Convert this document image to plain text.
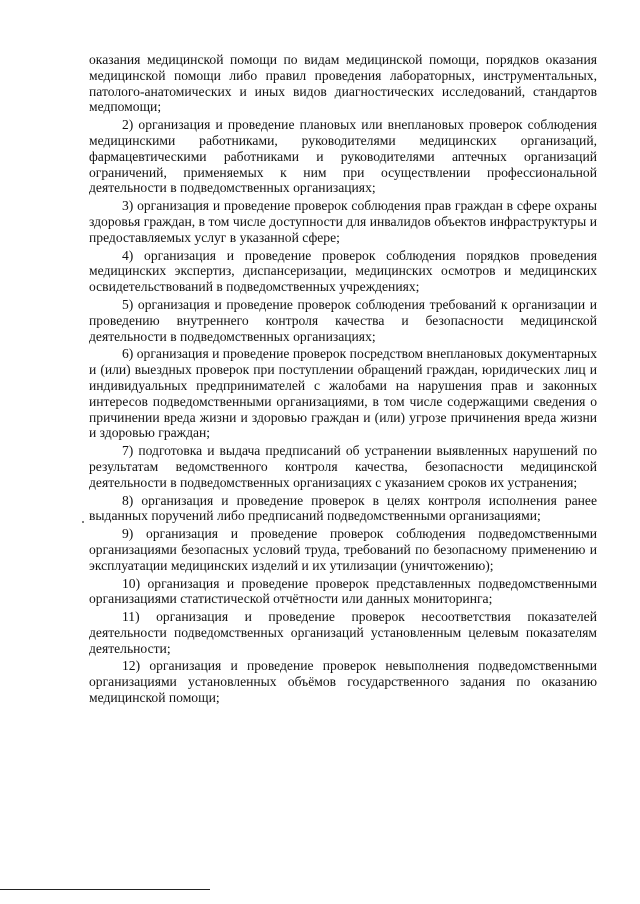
оказания медицинской помощи по видам медицинской помощи, порядков оказания медицинской помощи либо правил проведения лабораторных, инструментальных, патолого-анатомических и иных видов диагностических исследований, стандартов медпомощи;

2) организация и проведение плановых или внеплановых проверок соблюдения медицинскими работниками, руководителями медицинских организаций, фармацевтическими работниками и руководителями аптечных организаций ограничений, применяемых к ним при осуществлении профессиональной деятельности в подведомственных организациях;

3) организация и проведение проверок соблюдения прав граждан в сфере охраны здоровья граждан, в том числе доступности для инвалидов объектов инфраструктуры и предоставляемых услуг в указанной сфере;

4) организация и проведение проверок соблюдения порядков проведения медицинских экспертиз, диспансеризации, медицинских осмотров и медицинских освидетельствований в подведомственных учреждениях;

5) организация и проведение проверок соблюдения требований к организации и проведению внутреннего контроля качества и безопасности медицинской деятельности в подведомственных организациях;

6) организация и проведение проверок посредством внеплановых документарных и (или) выездных проверок при поступлении обращений граждан, юридических лиц и индивидуальных предпринимателей с жалобами на нарушения прав и законных интересов подведомственными организациями, в том числе содержащими сведения о причинении вреда жизни и здоровью граждан и (или) угрозе причинения вреда жизни и здоровью граждан;

7) подготовка и выдача предписаний об устранении выявленных нарушений по результатам ведомственного контроля качества, безопасности медицинской деятельности в подведомственных организациях с указанием сроков их устранения;

8) организация и проведение проверок в целях контроля исполнения ранее выданных поручений либо предписаний подведомственными организациями;

9) организация и проведение проверок соблюдения подведомственными организациями безопасных условий труда, требований по безопасному применению и эксплуатации медицинских изделий и их утилизации (уничтожению);

10) организация и проведение проверок представленных подведомственными организациями статистической отчётности или данных мониторинга;

11) организация и проведение проверок несоответствия показателей деятельности подведомственных организаций установленным целевым показателям деятельности;

12) организация и проведение проверок невыполнения подведомственными организациями установленных объёмов государственного задания по оказанию медицинской помощи;
